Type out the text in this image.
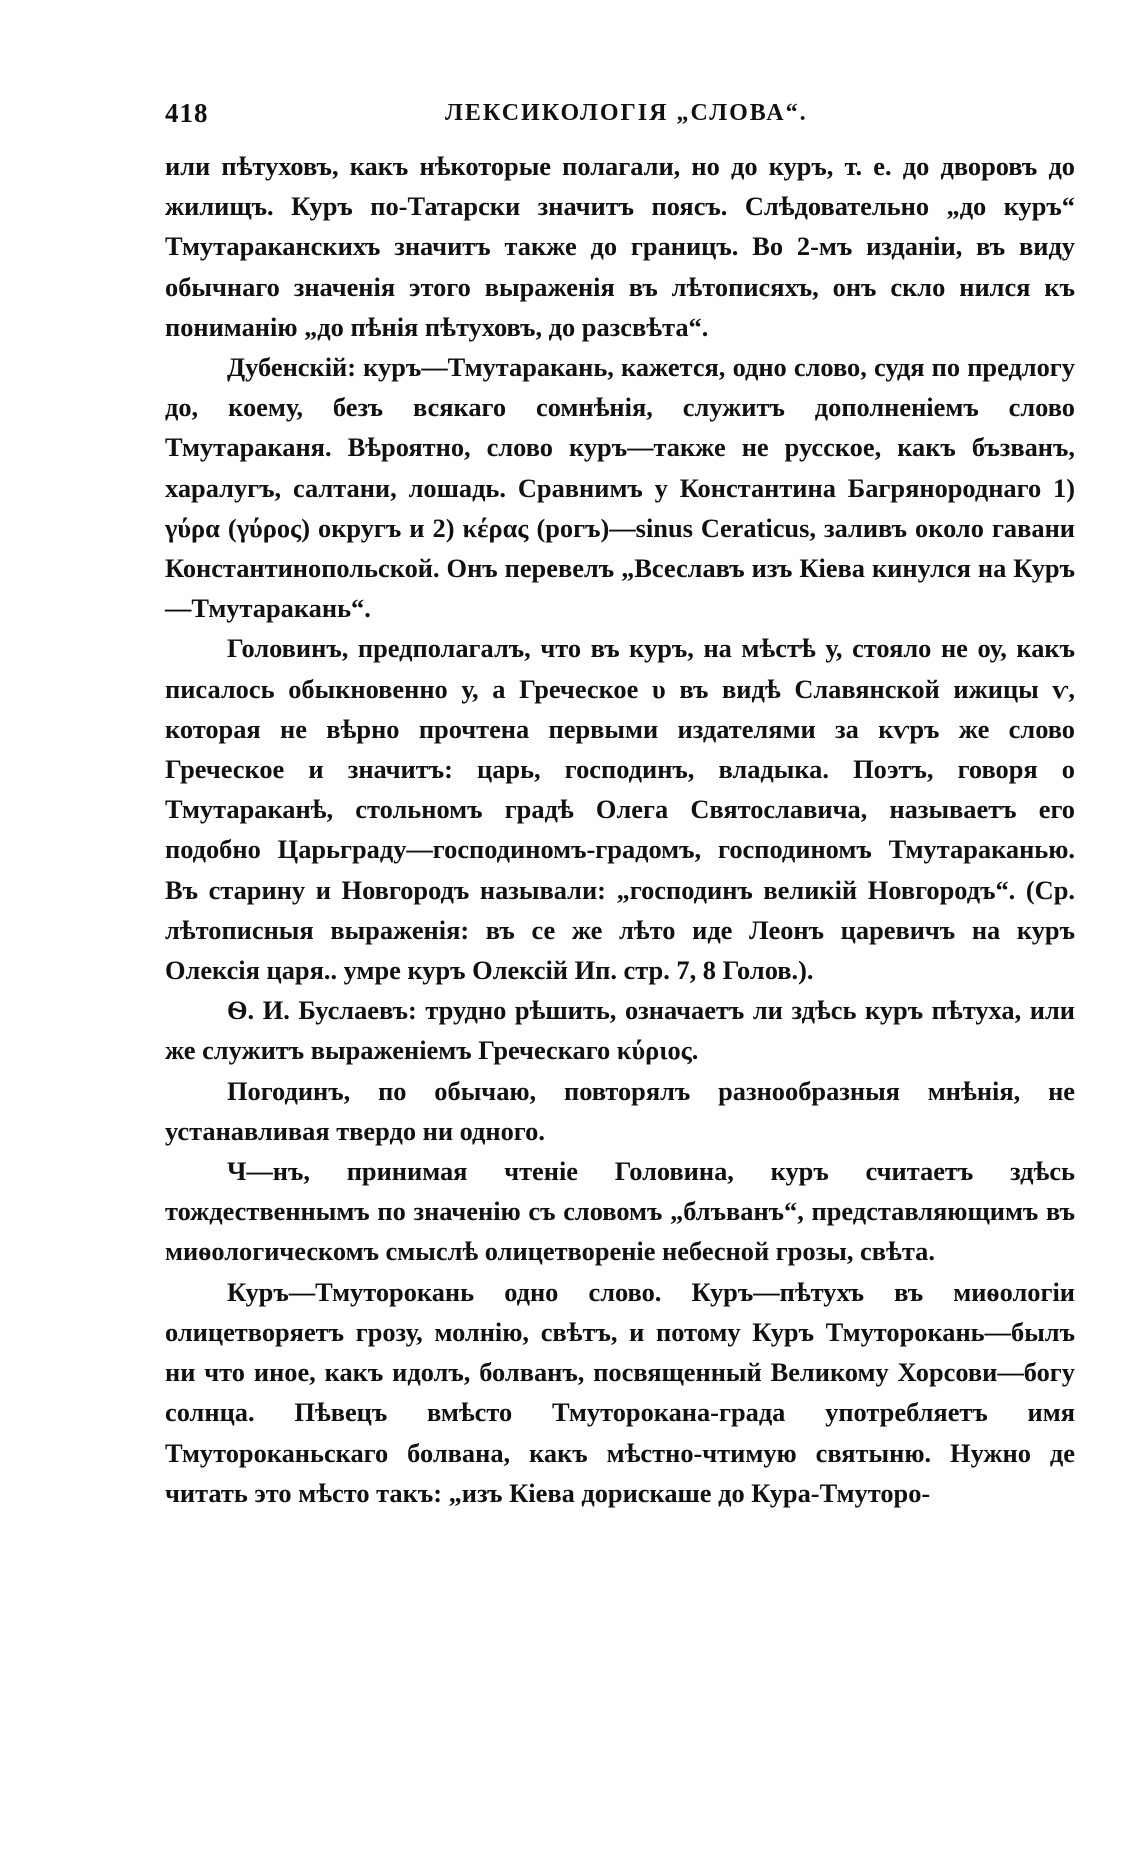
418	ЛЕКСИКОЛОГІЯ „СЛОВА“.

или пѣтуховъ, какъ нѣкоторые полагали, но до куръ, т. е. до дворовъ до жилищъ. Куръ по-Татарски значитъ поясъ. Слѣдовательно „до куръ“ Тмутараканскихъ значитъ также до границъ. Во 2-мъ изданіи, въ виду обычнаго значенія этого выраженія въ лѣтописяхъ, онъ скло нился къ пониманію „до пѣнія пѣтуховъ, до разсвѣта“.

Дубенскій: куръ—Тмутаракань, кажется, одно слово, судя по предлогу до, коему, безъ всякаго сомнѣнія, служитъ дополненіемъ слово Тмутараканя. Вѣроятно, слово куръ—также не русское, какъ бъзванъ, харалугъ, салтани, лошадь. Сравнимъ у Константина Багрянороднаго 1) γύρα (γύρος) округъ и 2) κέρας (рогъ)—sinus Ceraticus, заливъ около гавани Константинопольской. Онъ перевелъ „Всеславъ изъ Кіева кинулся на Куръ—Тмутаракань“.

Головинъ, предполагалъ, что въ куръ, на мѣстѣ у, стояло не оу, какъ писалось обыкновенно у, а Греческое υ въ видѣ Славянской ижицы ѵ, которая не вѣрно прочтена первыми издателями за кѵръ же слово Греческое и значитъ: царь, господинъ, владыка. Поэтъ, говоря о Тмутараканѣ, стольномъ градѣ Олега Святославича, называетъ его подобно Царьграду—господиномъ-градомъ, господиномъ Тмутараканью. Въ старину и Новгородъ называли: „господинъ великій Новгородъ“. (Ср. лѣтописныя выраженія: въ се же лѣто иде Леонъ царевичъ на куръ Олексія царя.. умре куръ Олексій Ип. стр. 7, 8 Голов.).

Ѳ. И. Буслаевъ: трудно рѣшить, означаетъ ли здѣсь куръ пѣтуха, или же служитъ выраженіемъ Греческаго κύριος.

Погодинъ, по обычаю, повторялъ разнообразныя мнѣнія, не устанавливая твердо ни одного.

Ч—нъ, принимая чтеніе Головина, куръ считаетъ здѣсь тождественнымъ по значенію съ словомъ „блъванъ“, представляющимъ въ миѳологическомъ смыслѣ олицетвореніе небесной грозы, свѣта.

Куръ—Тмуторокань одно слово. Куръ—пѣтухъ въ миѳологіи олицетворяетъ грозу, молнію, свѣтъ, и потому Куръ Тмуторокань—былъ ни что иное, какъ идолъ, болванъ, посвященный Великому Хорсови—богу солнца. Пѣвецъ вмѣсто Тмуторокана-града употребляетъ имя Тмутороканьскаго болвана, какъ мѣстно-чтимую святыню. Нужно де читать это мѣсто такъ: „изъ Кіева дорискаше до Кура-Тмуторо-
